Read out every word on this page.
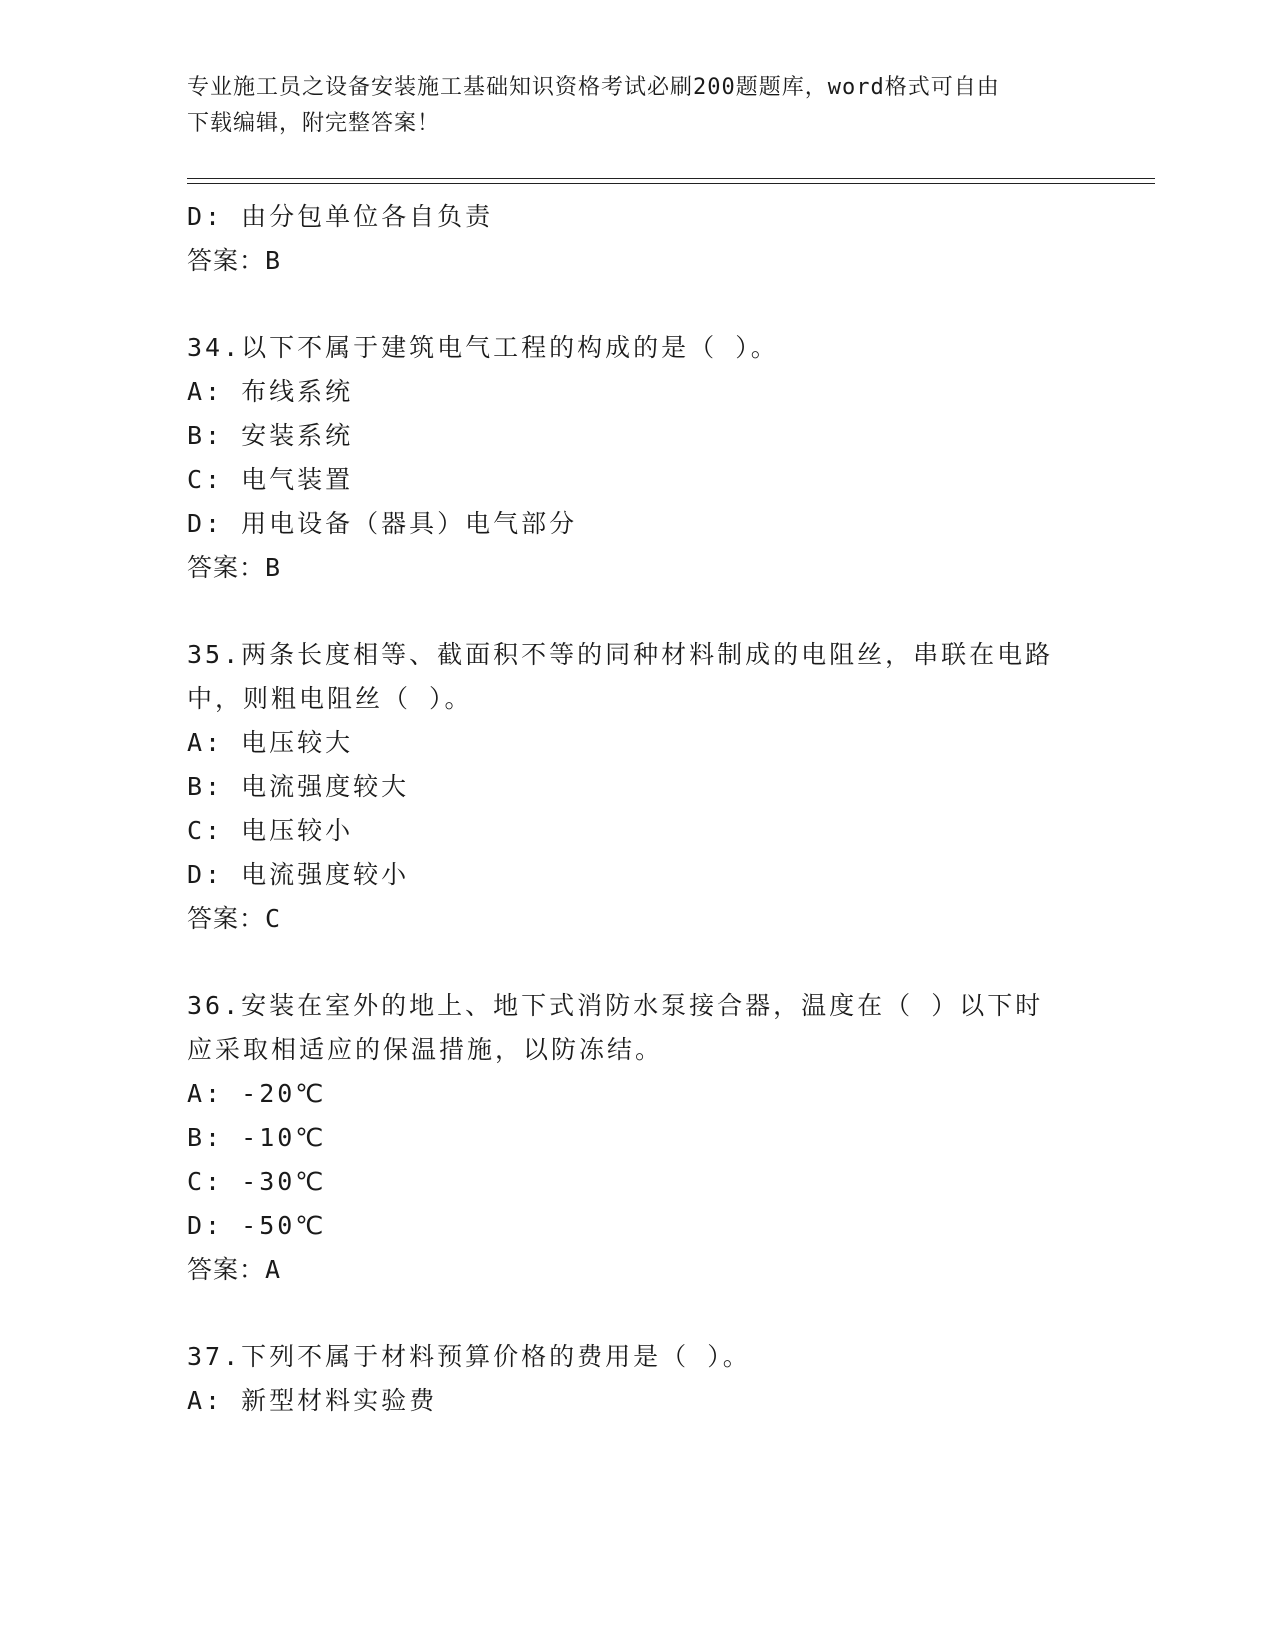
专业施工员之设备安装施工基础知识资格考试必刷200题题库，word格式可自由
下载编辑，附完整答案！
D: 由分包单位各自负责
答案：B
34.以下不属于建筑电气工程的构成的是（ ）。
A: 布线系统
B: 安装系统
C: 电气装置
D: 用电设备（器具）电气部分
答案：B
35.两条长度相等、截面积不等的同种材料制成的电阻丝，串联在电路
中，则粗电阻丝（ ）。
A: 电压较大
B: 电流强度较大
C: 电压较小
D: 电流强度较小
答案：C
36.安装在室外的地上、地下式消防水泵接合器，温度在（ ）以下时
应采取相适应的保温措施，以防冻结。
A: -20℃
B: -10℃
C: -30℃
D: -50℃
答案：A
37.下列不属于材料预算价格的费用是（ ）。
A: 新型材料实验费
